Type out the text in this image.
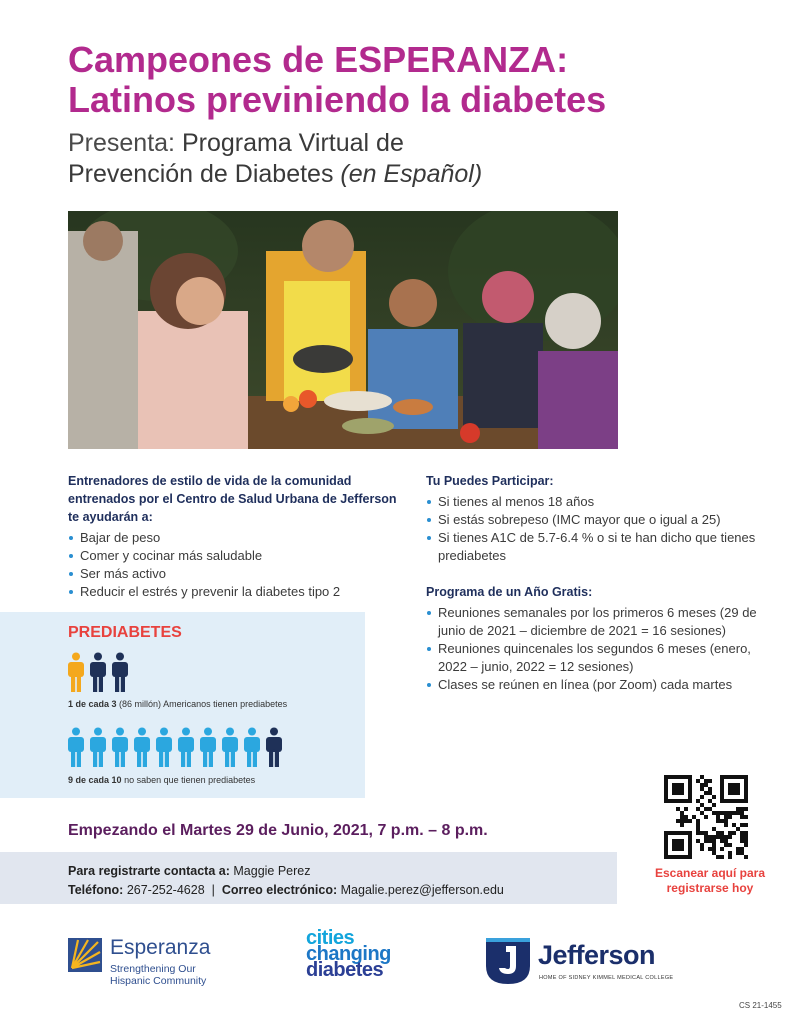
Campeones de ESPERANZA:
Latinos previniendo la diabetes
Presenta: Programa Virtual de
Prevención de Diabetes (en Español)
Entrenadores de estilo de vida de la comunidad entrenados por el Centro de Salud Urbana de Jefferson te ayudarán a:
Bajar de peso
Comer y cocinar más saludable
Ser más activo
Reducir el estrés y prevenir la diabetes tipo 2
Tu Puedes Participar:
Si tienes al menos 18 años
Si estás sobrepeso (IMC mayor que o igual a 25)
Si tienes A1C de 5.7-6.4 % o si te han dicho que tienes prediabetes
Programa de un Año Gratis:
Reuniones semanales por los primeros 6 meses (29 de junio de 2021 – diciembre de 2021 = 16 sesiones)
Reuniones quincenales los segundos 6 meses (enero, 2022 – junio, 2022 = 12 sesiones)
Clases se reúnen en línea (por Zoom) cada martes
PREDIABETES
1 de cada 3 (86 millón) Americanos tienen prediabetes
9 de cada 10 no saben que tienen prediabetes
Empezando el Martes 29 de Junio, 2021, 7 p.m. – 8 p.m.
Para registrarte contacta a: Maggie Perez
Teléfono: 267-252-4628 | Correo electrónico: Magalie.perez@jefferson.edu
Escanear aquí para registrarse hoy
Esperanza
Strengthening Our
Hispanic Community
cities
changing
diabetes	Jefferson
HOME OF SIDNEY KIMMEL MEDICAL COLLEGE
CS 21-1455
